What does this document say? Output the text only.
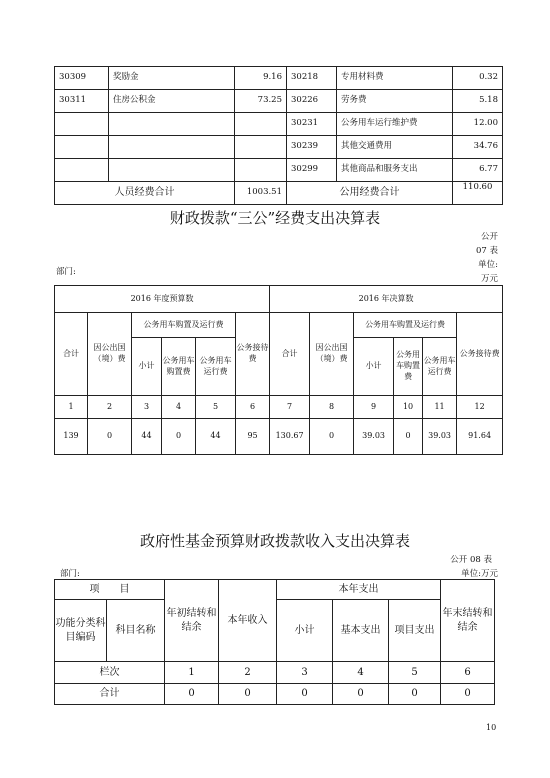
30309	奖励金	9.16	30218	专用材料费	0.32
30311	住房公积金	73.25	30226	劳务费	5.18
			30231	公务用车运行维护费	12.00
			30239	其他交通费用	34.76
			30299	其他商品和服务支出	6.77
人员经费合计		1003.51	公用经费合计		110.60
财政拨款“三公”经费支出决算表
公开
07 表
单位:
部门:
万元
2016 年度预算数						2016 年决算数					
合计	因公出国（境）费	公务用车购置及运行费			公务接待费	合计	因公出国（境）费	公务用车购置及运行费			公务接待费
		小计	公务用车购置费	公务用车运行费				小计	公务用车购置费	公务用车运行费	
1	2	3	4	5	6	7	8	9	10	11	12
139	0	44	0	44	95	130.67	0	39.03	0	39.03	91.64
政府性基金预算财政拨款收入支出决算表
公开 08 表
部门:	单位:万元
项　　目		年初结转和结余	本年收入	本年支出			年末结转和结余
功能分类科目编码	科目名称			小计	基本支出	项目支出	
栏次		1	2	3	4	5	6
合计		0	0	0	0	0	0
10
